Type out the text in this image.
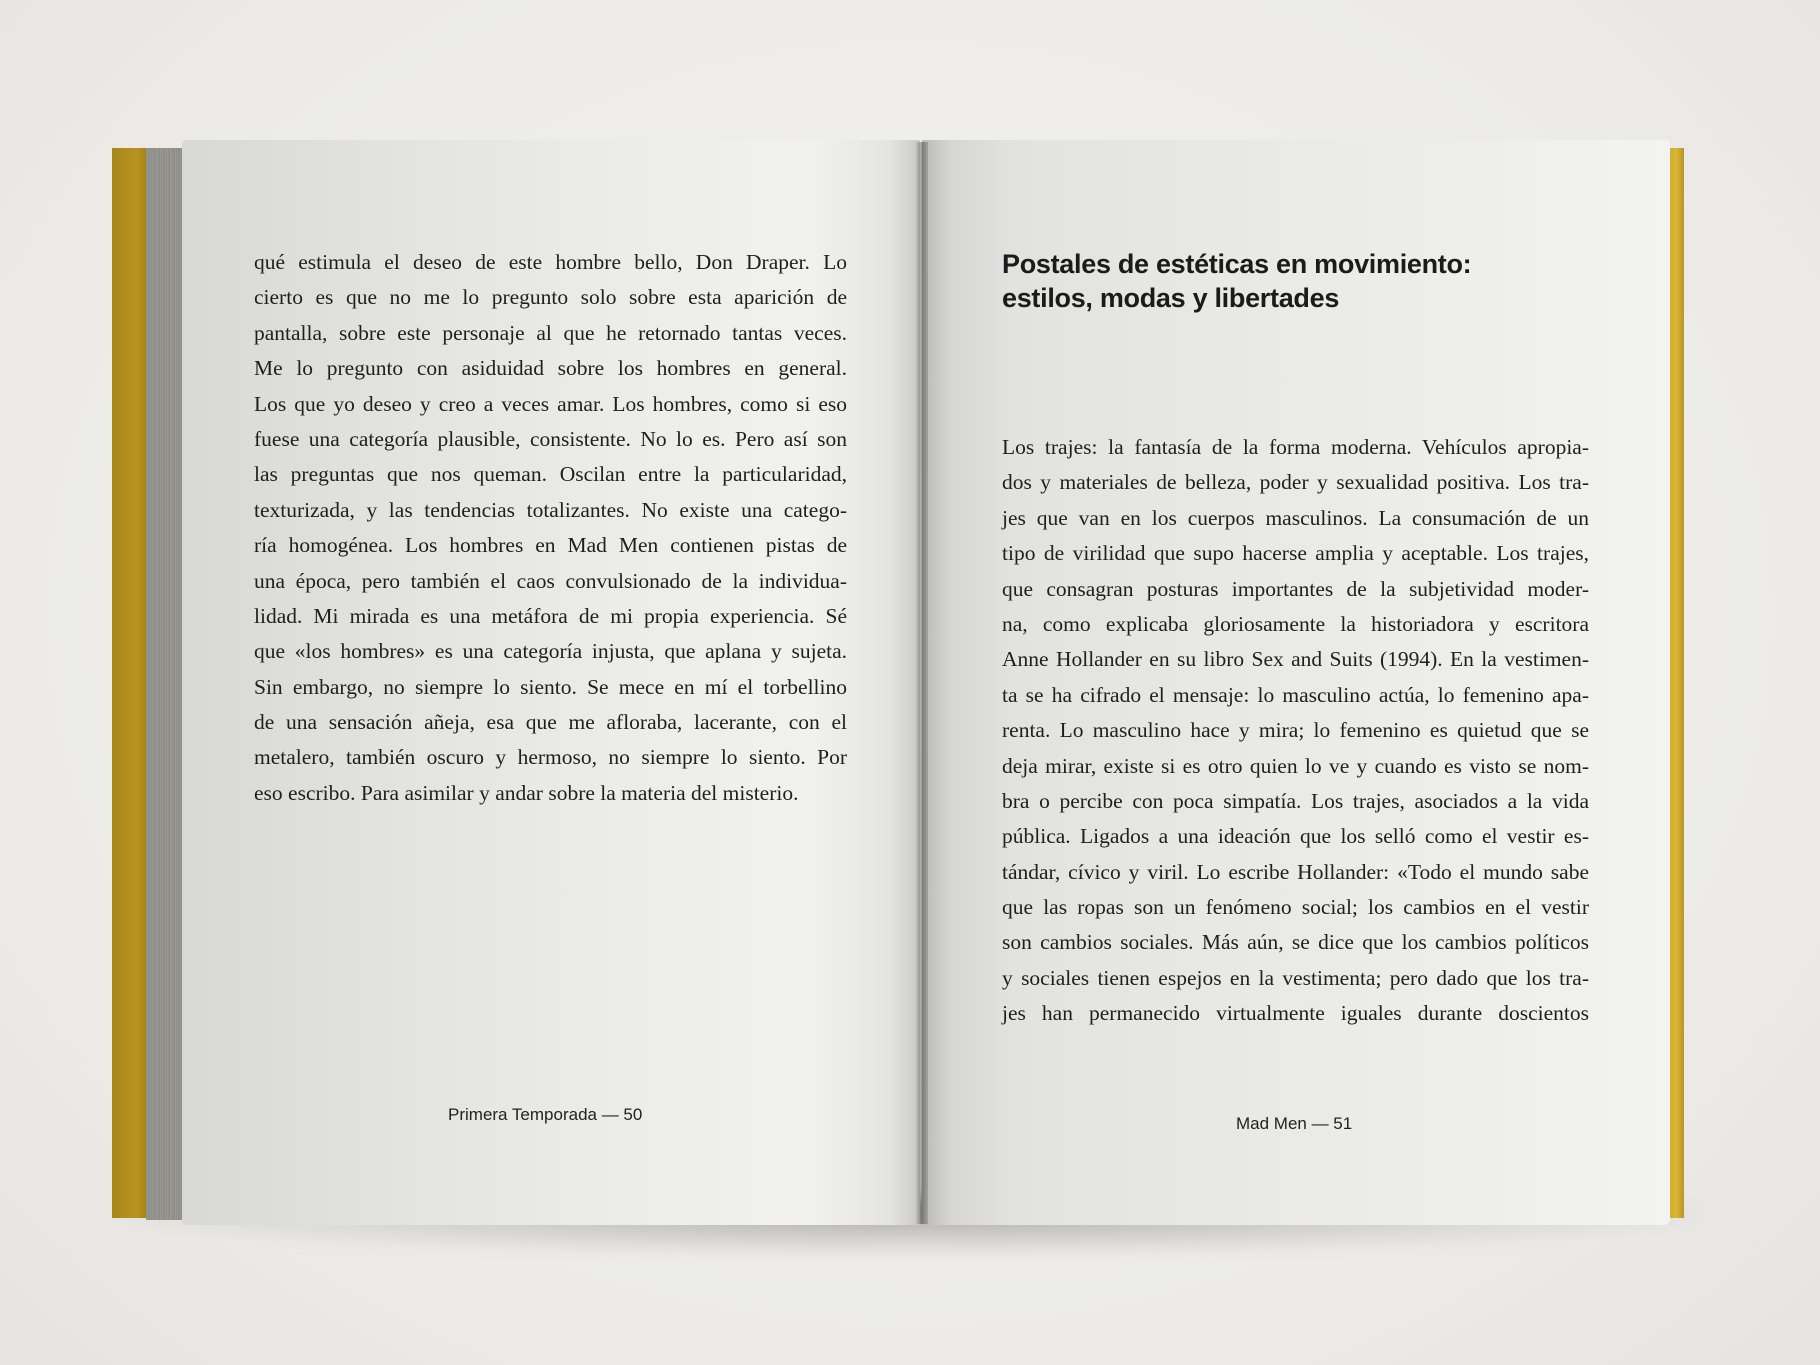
qué estimula el deseo de este hombre bello, Don Draper. Lo
cierto es que no me lo pregunto solo sobre esta aparición de
pantalla, sobre este personaje al que he retornado tantas veces.
Me lo pregunto con asiduidad sobre los hombres en general.
Los que yo deseo y creo a veces amar. Los hombres, como si eso
fuese una categoría plausible, consistente. No lo es. Pero así son
las preguntas que nos queman. Oscilan entre la particularidad,
texturizada, y las tendencias totalizantes. No existe una catego-
ría homogénea. Los hombres en Mad Men contienen pistas de
una época, pero también el caos convulsionado de la individua-
lidad. Mi mirada es una metáfora de mi propia experiencia. Sé
que «los hombres» es una categoría injusta, que aplana y sujeta.
Sin embargo, no siempre lo siento. Se mece en mí el torbellino
de una sensación añeja, esa que me afloraba, lacerante, con el
metalero, también oscuro y hermoso, no siempre lo siento. Por
eso escribo. Para asimilar y andar sobre la materia del misterio.
Primera Temporada — 50
Postales de estéticas en movimiento:
estilos, modas y libertades
Los trajes: la fantasía de la forma moderna. Vehículos apropia-
dos y materiales de belleza, poder y sexualidad positiva. Los tra-
jes que van en los cuerpos masculinos. La consumación de un
tipo de virilidad que supo hacerse amplia y aceptable. Los trajes,
que consagran posturas importantes de la subjetividad moder-
na, como explicaba gloriosamente la historiadora y escritora
Anne Hollander en su libro Sex and Suits (1994). En la vestimen-
ta se ha cifrado el mensaje: lo masculino actúa, lo femenino apa-
renta. Lo masculino hace y mira; lo femenino es quietud que se
deja mirar, existe si es otro quien lo ve y cuando es visto se nom-
bra o percibe con poca simpatía. Los trajes, asociados a la vida
pública. Ligados a una ideación que los selló como el vestir es-
tándar, cívico y viril. Lo escribe Hollander: «Todo el mundo sabe
que las ropas son un fenómeno social; los cambios en el vestir
son cambios sociales. Más aún, se dice que los cambios políticos
y sociales tienen espejos en la vestimenta; pero dado que los tra-
jes han permanecido virtualmente iguales durante doscientos
Mad Men — 51
